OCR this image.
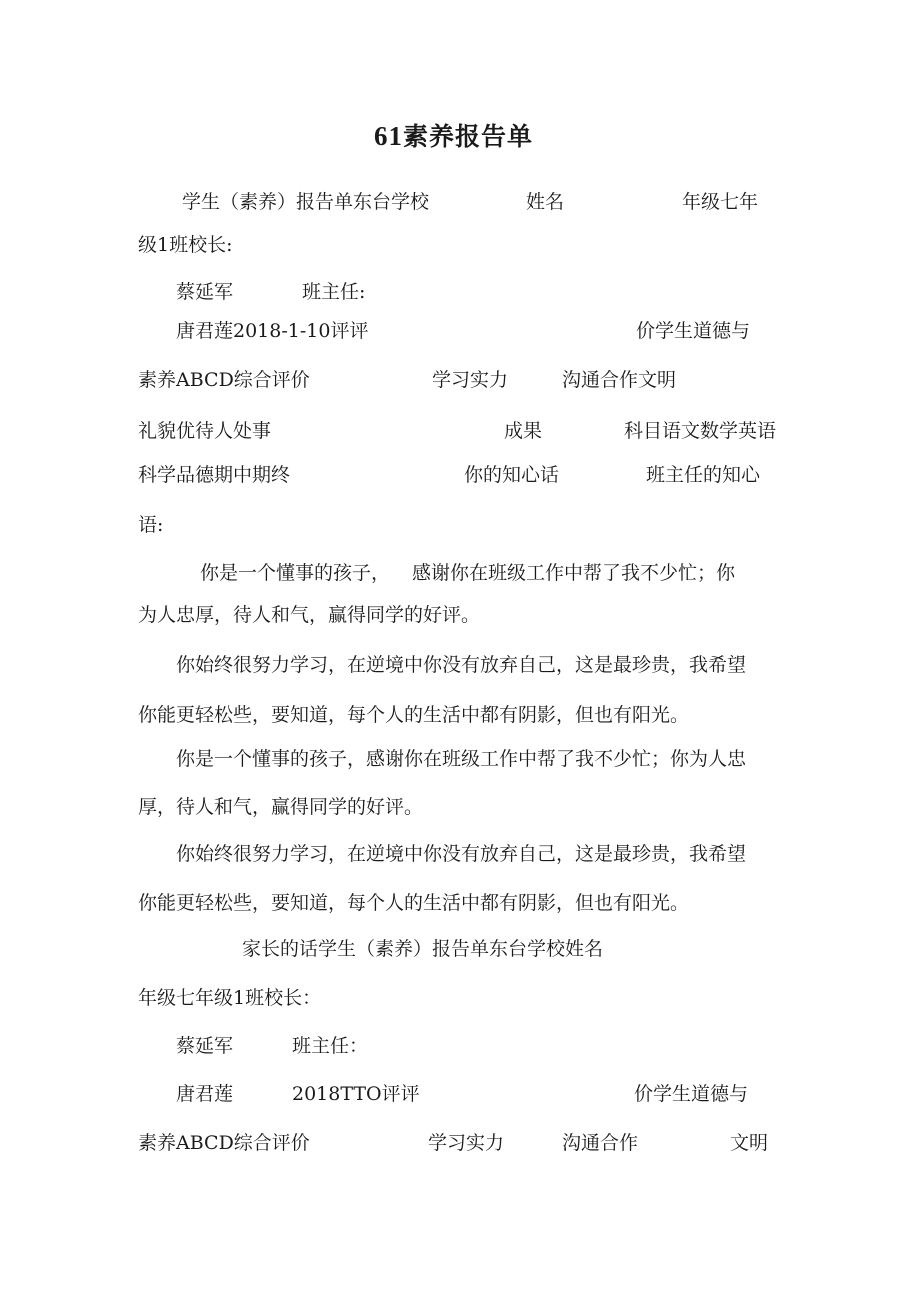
61素养报告单
学生（素养）报告单东台学校	姓名	年级七年
级1班校长:
蔡延军	班主任:
唐君莲2018-1-10评评	价学生道德与
素养ABCD综合评价	学习实力	沟通合作文明
礼貌优待人处事	成果	科目语文数学英语
科学品德期中期终	你的知心话	班主任的知心
语:
你是一个懂事的孩子， 感谢你在班级工作中帮了我不少忙；你
为人忠厚，待人和气，赢得同学的好评。
你始终很努力学习，在逆境中你没有放弃自己，这是最珍贵，我希望
你能更轻松些，要知道，每个人的生活中都有阴影，但也有阳光。
你是一个懂事的孩子，感谢你在班级工作中帮了我不少忙；你为人忠
厚，待人和气，赢得同学的好评。
你始终很努力学习，在逆境中你没有放弃自己，这是最珍贵，我希望
你能更轻松些，要知道，每个人的生活中都有阴影，但也有阳光。
家长的话学生（素养）报告单东台学校姓名
年级七年级1班校长：
蔡延军	班主任：
唐君莲	2018TTO评评	价学生道德与
素养ABCD综合评价	学习实力	沟通合作	文明
